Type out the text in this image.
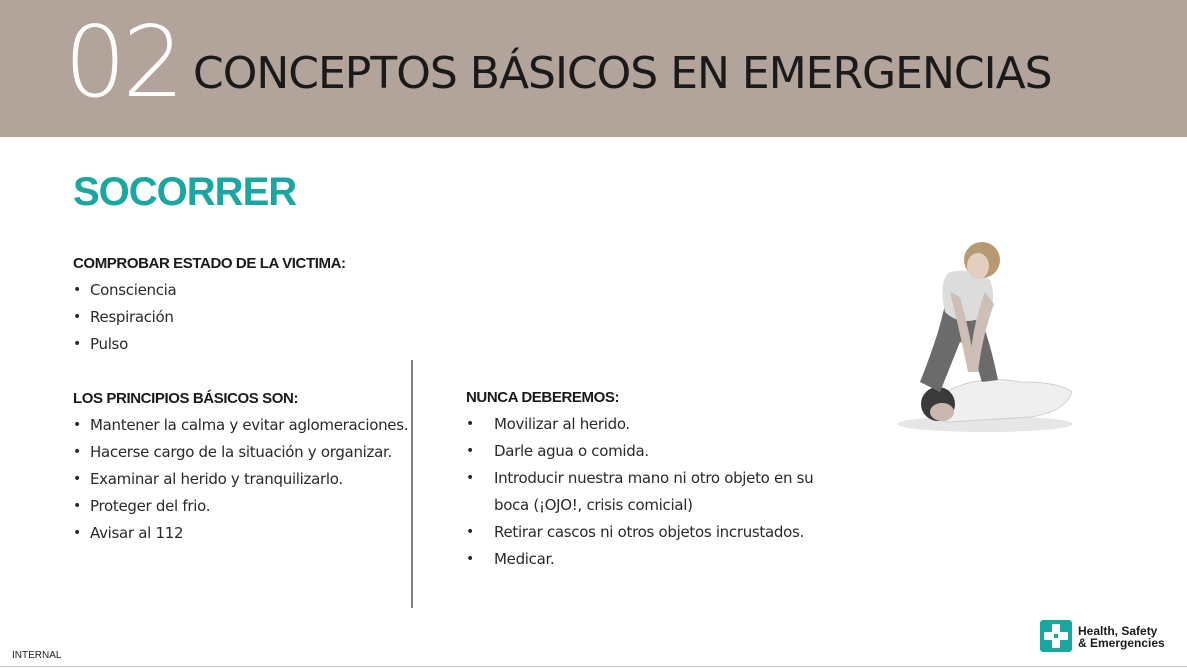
02 CONCEPTOS BÁSICOS EN EMERGENCIAS
SOCORRER
COMPROBAR ESTADO DE LA VICTIMA:
• Consciencia
• Respiración
• Pulso
LOS PRINCIPIOS BÁSICOS SON:
• Mantener la calma y evitar aglomeraciones.
• Hacerse cargo de la situación y organizar.
• Examinar al herido y tranquilizarlo.
• Proteger del frio.
• Avisar al 112
NUNCA DEBEREMOS:
• Movilizar al herido.
• Darle agua o comida.
• Introducir nuestra mano ni otro objeto en su boca (¡OJO!, crisis comicial)
• Retirar cascos ni otros objetos incrustados.
• Medicar.
INTERNAL
Health, Safety
& Emergencies
